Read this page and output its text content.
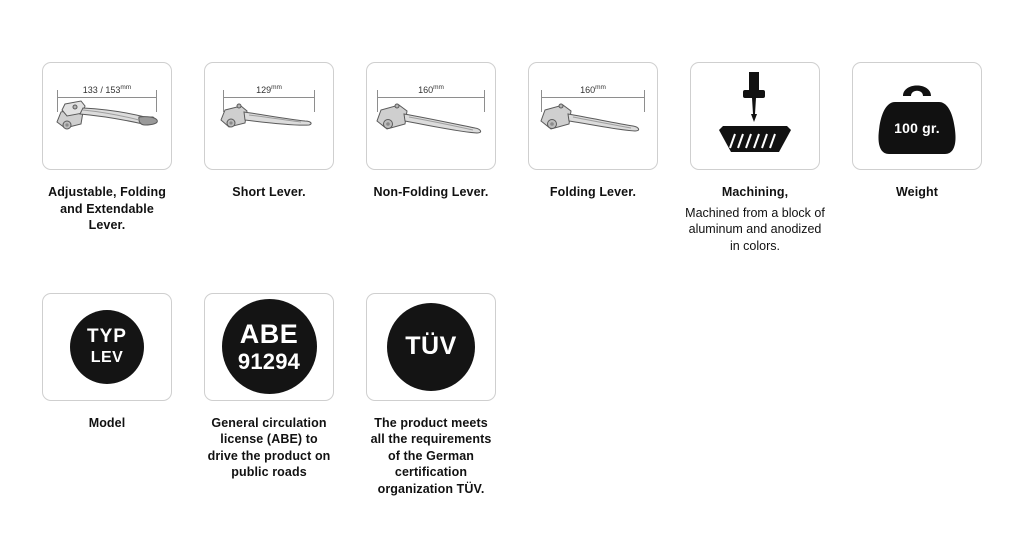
$133 / 153^{mm}$
Adjustable, Folding and Extendable Lever.
$129^{mm}$
Short Lever.
$160^{mm}$
Non-Folding Lever.
$160^{mm}$
Folding Lever.	Machining,
Machined from a block of aluminum and anodized in colors.
100 gr.
Weight
TYP
LEV
Model
ABE
91294
General circulation license (ABE) to drive the product on public roads
TÜV
The product meets all the requirements of the German certification organization TÜV.
